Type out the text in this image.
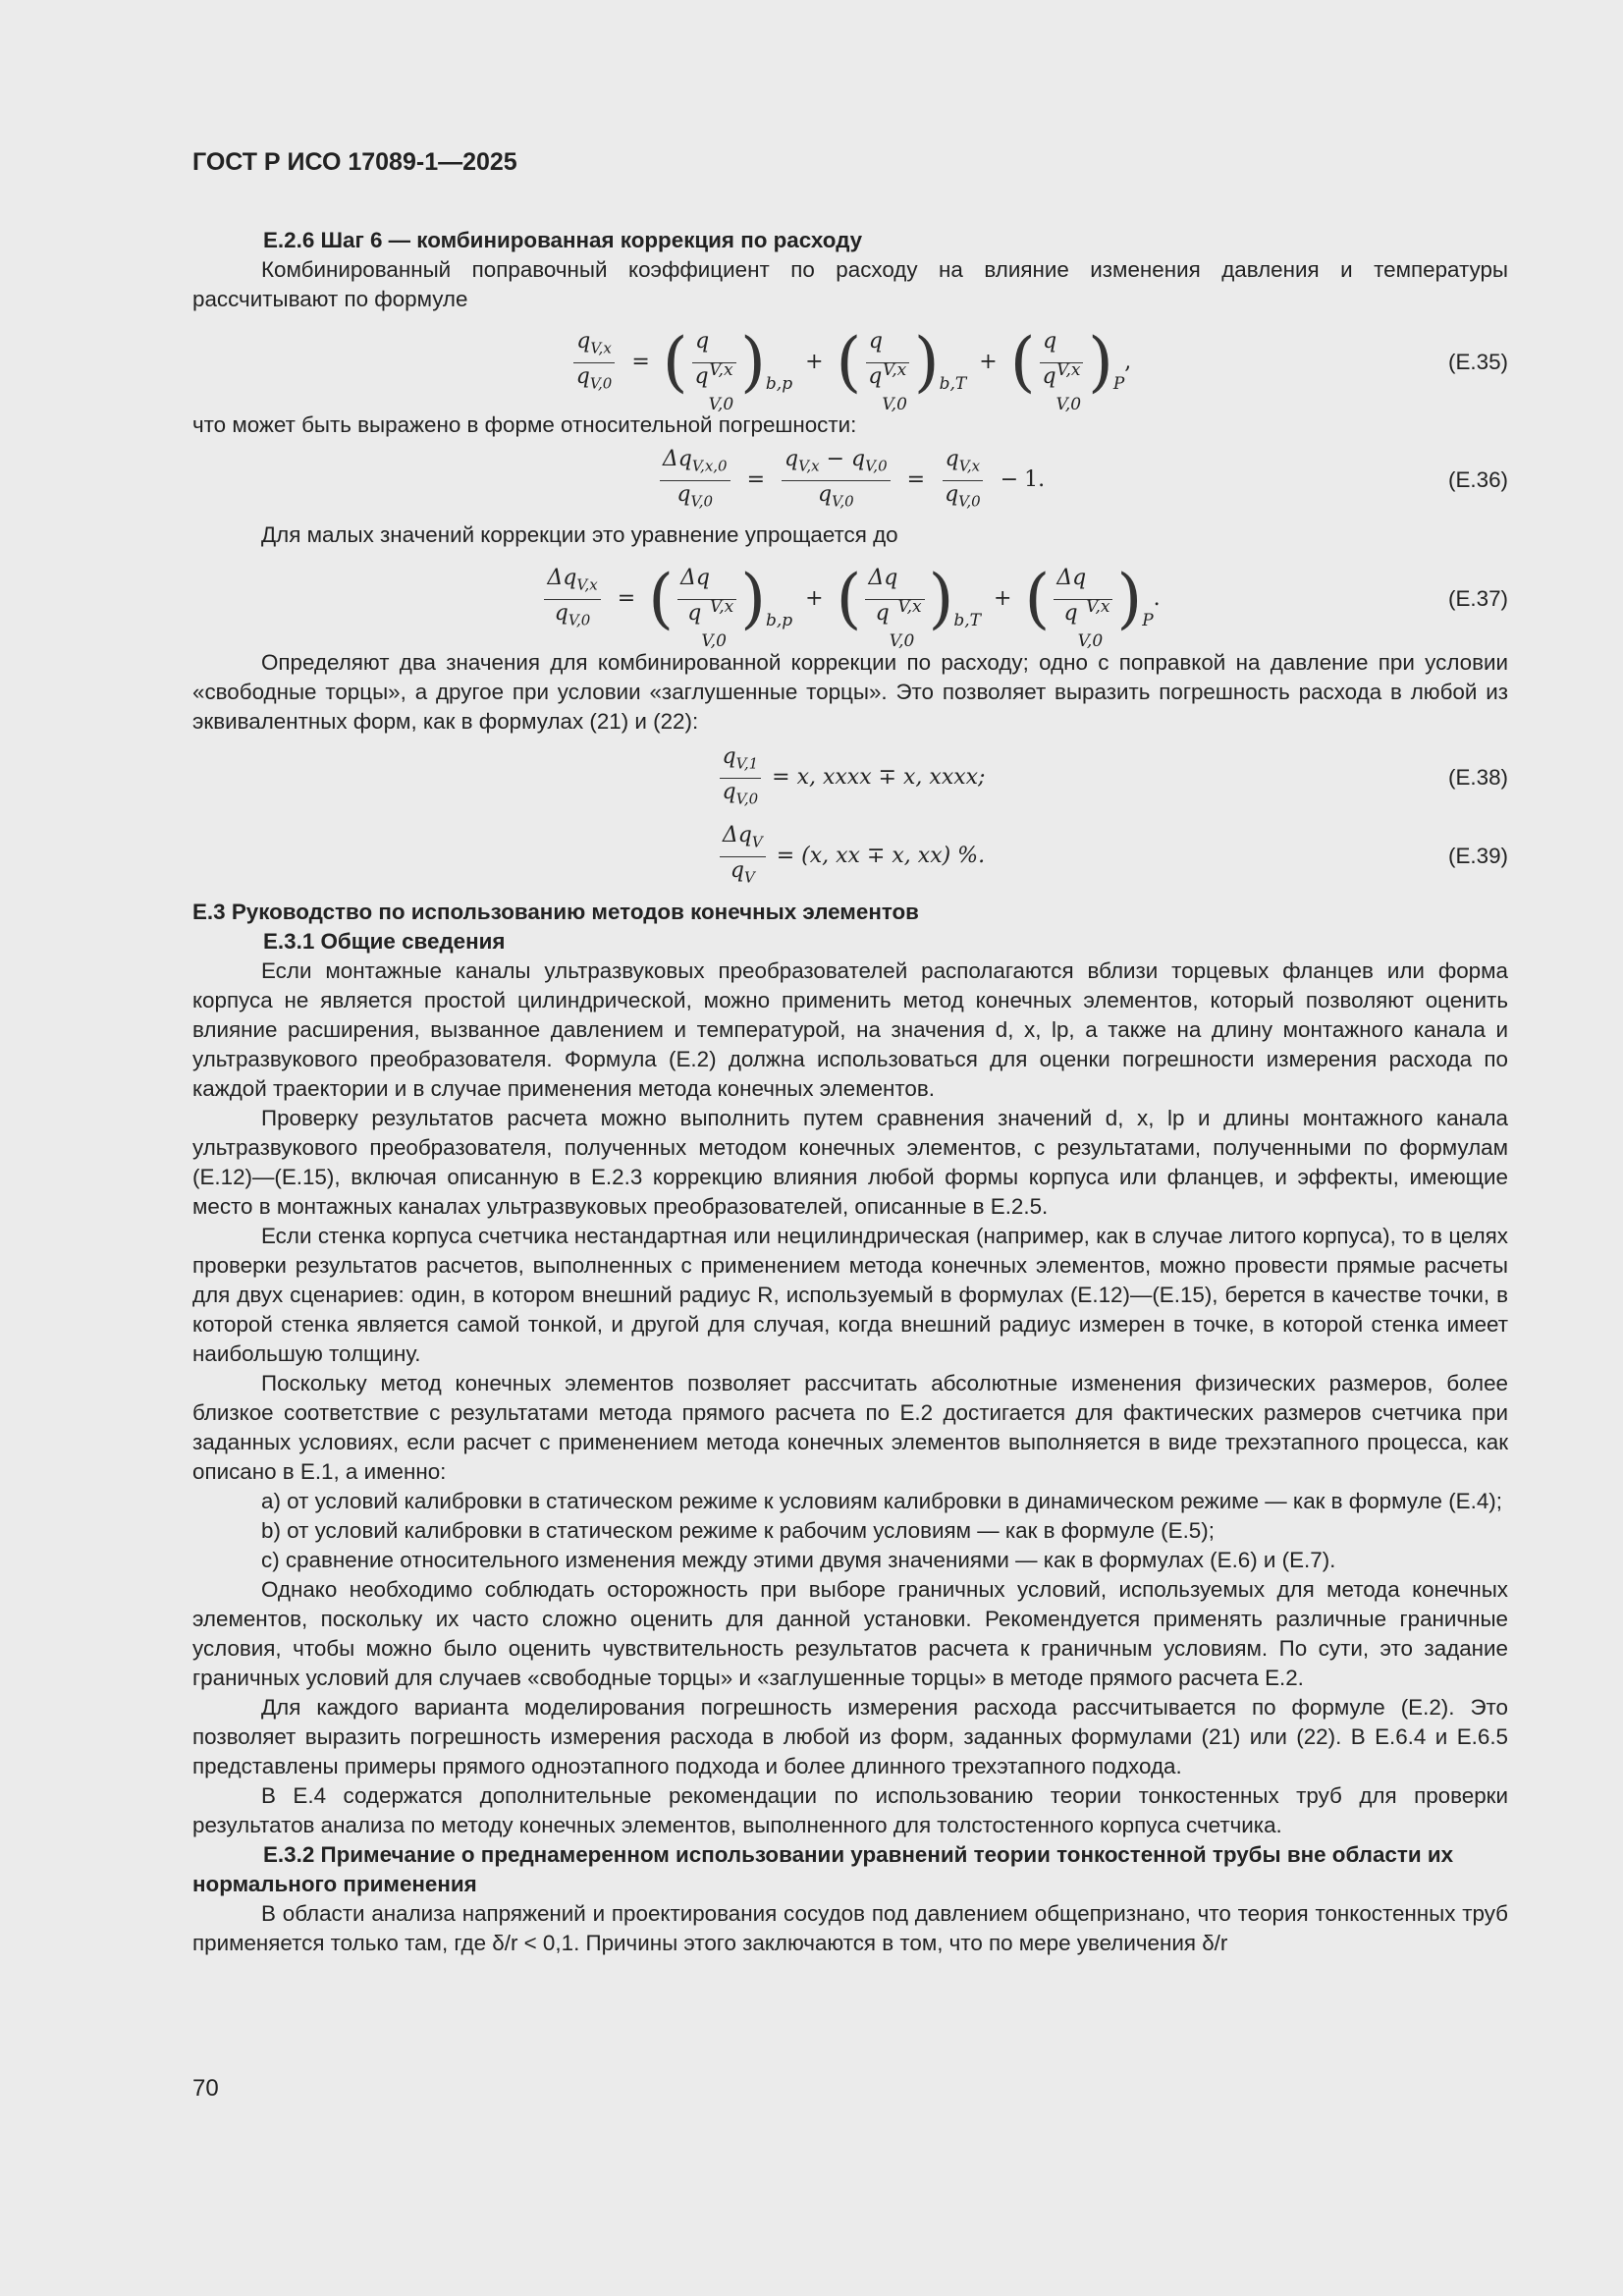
ГОСТ Р ИСО 17089-1—2025
Е.2.6 Шаг 6 — комбинированная коррекция по расходу

Комбинированный поправочный коэффициент по расходу на влияние изменения давления и температуры рассчитывают по формуле

$\frac{q_{V,x}}{q_{V,0}}$ = ( $\frac{q_{V,x}}{q_{V,0}} )_{b,p}$
+ ( $\frac{q_{V,x}}{q_{V,0}} )_{b,T}$
+ ( $\frac{q_{V,x}}{q_{V,0}} )_P$
,	(Е.35)

что может быть выражено в форме относительной погрешности:

$\frac{\Delta q_{V,x,0}}{q_{V,0}} = \frac{q_{V,x} - q_{V,0}}{q_{V,0}} = \frac{q_{V,x}}{q_{V,0}} - 1$.	(Е.36)

Для малых значений коррекции это уравнение упрощается до

$\frac{\Delta q_{V,x}}{q_{V,0}}$ = ( $\frac{\Delta q_{V,x}}{q_{V,0}} )_{b,p}$
+ ( $\frac{\Delta q_{V,x}}{q_{V,0}} )_{b,T}$
+ ( $\frac{\Delta q_{V,x}}{q_{V,0}} )_P$
.	(Е.37)

Определяют два значения для комбинированной коррекции по расходу; одно с поправкой на давление при условии «свободные торцы», а другое при условии «заглушенные торцы». Это позволяет выразить погрешность расхода в любой из эквивалентных форм, как в формулах (21) и (22):

$\frac{q_{V,1}}{q_{V,0}} = x$, xxxx ∓ x, xxxx;	(Е.38)
$\frac{\Delta q_V}{q_V} = (x$, xx ∓ x, xx) %.	(Е.39)
Е.3 Руководство по использованию методов конечных элементов
Е.3.1 Общие сведения

Если монтажные каналы ультразвуковых преобразователей располагаются вблизи торцевых фланцев или форма корпуса не является простой цилиндрической, можно применить метод конечных элементов, который позволяют оценить влияние расширения, вызванное давлением и температурой, на значения d, x, lp, а также на длину монтажного канала и ультразвукового преобразователя. Формула (Е.2) должна использоваться для оценки погрешности измерения расхода по каждой траектории и в случае применения метода конечных элементов.

Проверку результатов расчета можно выполнить путем сравнения значений d, x, lp и длины монтажного канала ультразвукового преобразователя, полученных методом конечных элементов, с результатами, полученными по формулам (Е.12)—(Е.15), включая описанную в Е.2.3 коррекцию влияния любой формы корпуса или фланцев, и эффекты, имеющие место в монтажных каналах ультразвуковых преобразователей, описанные в Е.2.5.

Если стенка корпуса счетчика нестандартная или нецилиндрическая (например, как в случае литого корпуса), то в целях проверки результатов расчетов, выполненных с применением метода конечных элементов, можно провести прямые расчеты для двух сценариев: один, в котором внешний радиус R, используемый в формулах (Е.12)—(Е.15), берется в качестве точки, в которой стенка является самой тонкой, и другой для случая, когда внешний радиус измерен в точке, в которой стенка имеет наибольшую толщину.

Поскольку метод конечных элементов позволяет рассчитать абсолютные изменения физических размеров, более близкое соответствие с результатами метода прямого расчета по Е.2 достигается для фактических размеров счетчика при заданных условиях, если расчет с применением метода конечных элементов выполняется в виде трехэтапного процесса, как описано в Е.1, а именно:

a) от условий калибровки в статическом режиме к условиям калибровки в динамическом режиме — как в формуле (Е.4);

b) от условий калибровки в статическом режиме к рабочим условиям — как в формуле (Е.5);

c) сравнение относительного изменения между этими двумя значениями — как в формулах (Е.6) и (Е.7).

Однако необходимо соблюдать осторожность при выборе граничных условий, используемых для метода конечных элементов, поскольку их часто сложно оценить для данной установки. Рекомендуется применять различные граничные условия, чтобы можно было оценить чувствительность результатов расчета к граничным условиям. По сути, это задание граничных условий для случаев «свободные торцы» и «заглушенные торцы» в методе прямого расчета Е.2.

Для каждого варианта моделирования погрешность измерения расхода рассчитывается по формуле (Е.2). Это позволяет выразить погрешность измерения расхода в любой из форм, заданных формулами (21) или (22). В Е.6.4 и Е.6.5 представлены примеры прямого одноэтапного подхода и более длинного трехэтапного подхода.

В Е.4 содержатся дополнительные рекомендации по использованию теории тонкостенных труб для проверки результатов анализа по методу конечных элементов, выполненного для толстостенного корпуса счетчика.

Е.3.2 Примечание о преднамеренном использовании уравнений теории тонкостенной трубы вне области их нормального применения

В области анализа напряжений и проектирования сосудов под давлением общепризнано, что теория тонкостенных труб применяется только там, где δ/r < 0,1. Причины этого заключаются в том, что по мере увеличения δ/r

70
